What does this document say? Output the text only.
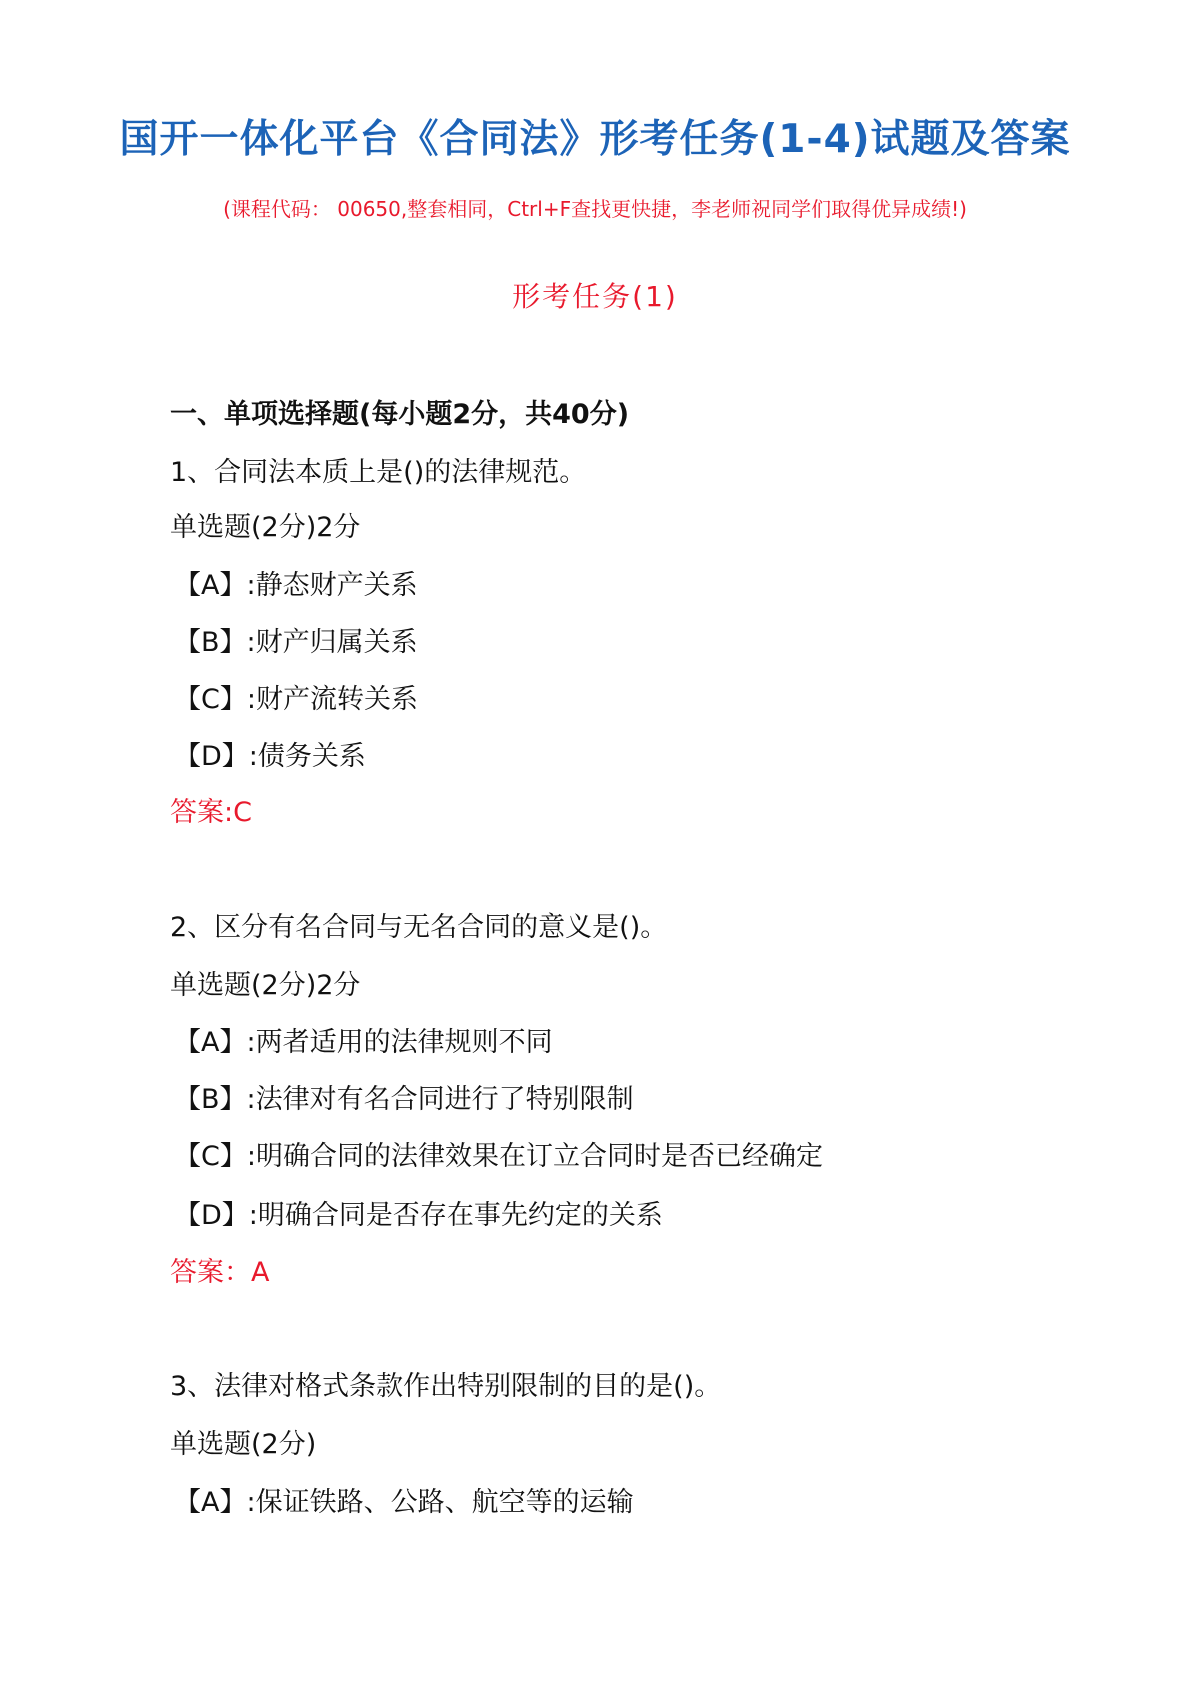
国开一体化平台《合同法》形考任务(1-4)试题及答案
(课程代码： 00650,整套相同，Ctrl+F查找更快捷，李老师祝同学们取得优异成绩!)
形考任务(1)
一、单项选择题(每小题2分，共40分)
1、合同法本质上是()的法律规范。
单选题(2分)2分
【A】:静态财产关系
【B】:财产归属关系
【C】:财产流转关系
【D】:债务关系
答案:C
2、区分有名合同与无名合同的意义是()。
单选题(2分)2分
【A】:两者适用的法律规则不同
【B】:法律对有名合同进行了特别限制
【C】:明确合同的法律效果在订立合同时是否已经确定
【D】:明确合同是否存在事先约定的关系
答案：A
3、法律对格式条款作出特别限制的目的是()。
单选题(2分)
【A】:保证铁路、公路、航空等的运输
